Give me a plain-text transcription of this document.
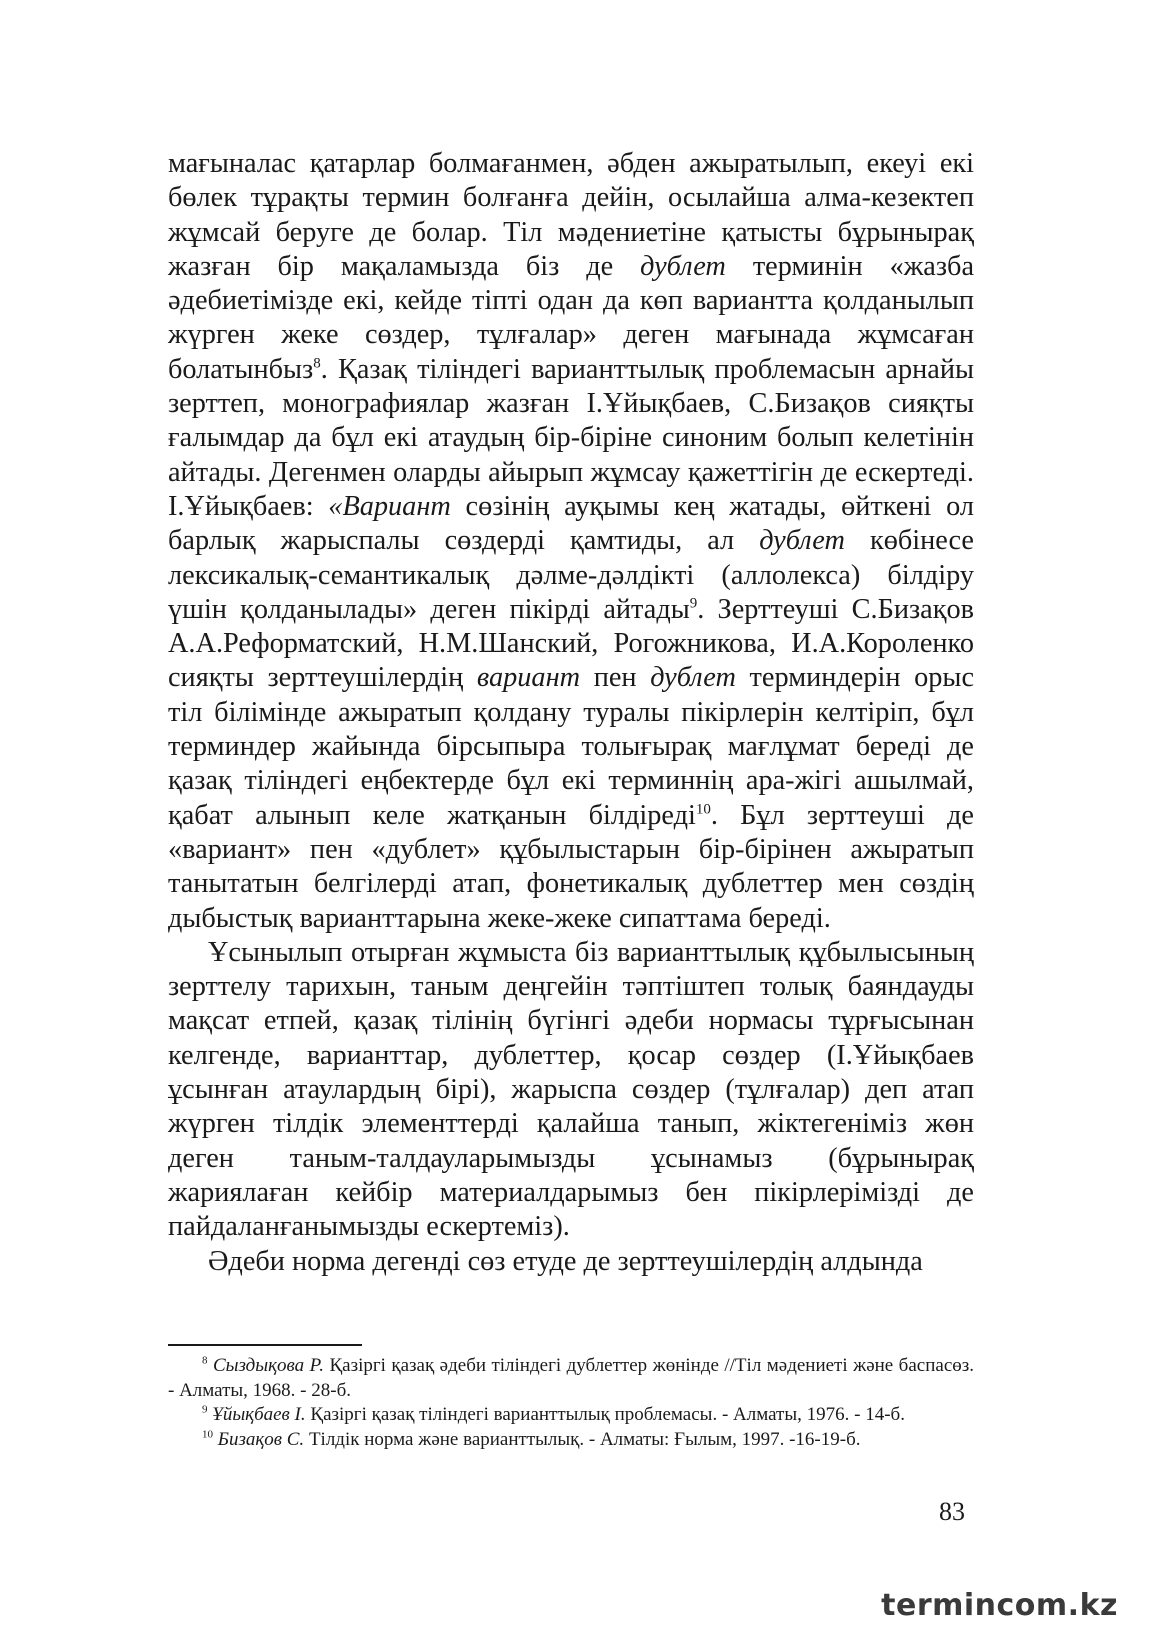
мағыналас қатарлар болмағанмен, әбден ажыратылып, екеуі екі бөлек тұрақты термин болғанға дейін, осылайша алма-кезектеп жұмсай беруге де болар. Тіл мәдениетіне қатысты бұрынырақ жазған бір мақаламызда біз де дублет терминін «жазба әдебиетімізде екі, кейде тіпті одан да көп вариантта қолданылып жүрген жеке сөздер, тұлғалар» деген мағынада жұмсаған болатынбыз$^8$. Қазақ тіліндегі варианттылық проблемасын арнайы зерттеп, монографиялар жазған І.Ұйықбаев, С.Бизақов сияқты ғалымдар да бұл екі атаудың бір-біріне синоним болып келетінін айтады. Дегенмен оларды айырып жұмсау қажеттігін де ескертеді. І.Ұйықбаев: «Вариант сөзінің ауқымы кең жатады, өйткені ол барлық жарыспалы сөздерді қамтиды, ал дублет көбінесе лексикалық-семантикалық дәлме-дәлдікті (аллолекса) білдіру үшін қолданылады» деген пікірді айтады$^9$. Зерттеуші С.Бизақов А.А.Реформатский, Н.М.Шанский, Рогожникова, И.А.Короленко сияқты зерттеушілердің вариант пен дублет терминдерін орыс тіл білімінде ажыратып қолдану туралы пікірлерін келтіріп, бұл терминдер жайында бірсыпыра толығырақ мағлұмат береді де қазақ тіліндегі еңбектерде бұл екі терминнің ара-жігі ашылмай, қабат алынып келе жатқанын білдіреді$^{10}$. Бұл зерттеуші де «вариант» пен «дублет» құбылыстарын бір-бірінен ажыратып танытатын белгілерді атап, фонетикалық дублеттер мен сөздің дыбыстық варианттарына жеке-жеке сипаттама береді.

Ұсынылып отырған жұмыста біз варианттылық құбылысының зерттелу тарихын, таным деңгейін тәптіштеп толық баяндауды мақсат етпей, қазақ тілінің бүгінгі әдеби нормасы тұрғысынан келгенде, варианттар, дублеттер, қосар сөздер (І.Ұйықбаев ұсынған атаулардың бірі), жарыспа сөздер (тұлғалар) деп атап жүрген тілдік элементтерді қалайша танып, жіктегеніміз жөн деген таным-талдауларымызды ұсынамыз (бұрынырақ жариялаған кейбір материалдарымыз бен пікірлерімізді де пайдаланғанымызды ескертеміз).

Әдеби норма дегенді сөз етуде де зерттеушілердің алдында

$^8$ Сыздықова Р. Қазіргі қазақ әдеби тіліндегі дублеттер жөнінде //Тіл мәдениеті және баспасөз. - Алматы, 1968. - 28-б.

$^9$ Ұйықбаев І. Қазіргі қазақ тіліндегі варианттылық проблемасы. - Алматы, 1976. - 14-б.

$^{10}$ Бизақов С. Тілдік норма және варианттылық. - Алматы: Ғылым, 1997. -16-19-б.

83
termincom.kz
